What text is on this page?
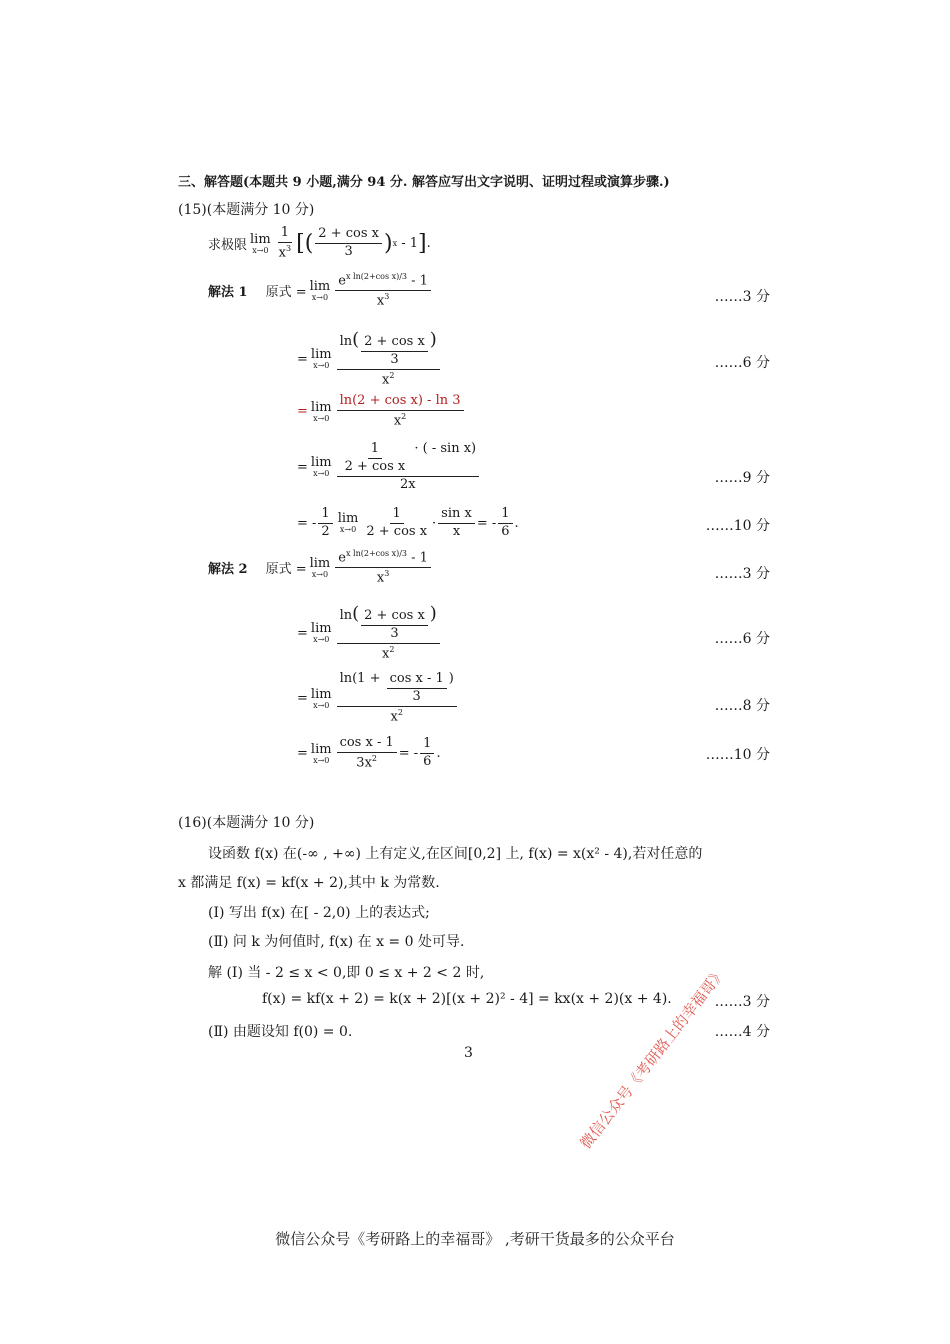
三、解答题(本题共 9 小题,满分 94 分. 解答应写出文字说明、证明过程或演算步骤.)
(15)(本题满分 10 分)
求极限 lim
$x\to 0 \frac{1}{x^3}$ [ ( $\frac{\text{2 + cos x}}{3}$ ) x - 1 ] .
解法 1 原式 = lim
$x\to 0 \frac{e^{x ln(2+cos x)/3} - 1}{x^3}$	……3 分
= lim
$x\to 0 \frac{\ln( \frac{\text{2 + cos x}}{3} )}{x^2}$	……6 分
= lim
$x\to 0 \frac{\text{ln(2 + cos x) - ln 3}}{x^2}$
= lim
$x\to 0 \frac{\frac{1}{\text{2 + cos x}} \cdot ( - \sin x)}{2x}$	……9 分
= - $\frac{1}{2}$ lim
$x\to 0 \frac{1}{\text{2 + cos x}} \cdot \frac{\text{sin x}}{x}$ = - $\frac{1}{6}$ .	……10 分
解法 2 原式 = lim
$x\to 0 \frac{e^{x ln(2+cos x)/3} - 1}{x^3}$	……3 分
= lim
$x\to 0 \frac{\ln( \frac{\text{2 + cos x}}{3} )}{x^2}$	……6 分
= lim
$x\to 0 \frac{\ln(1 + \frac{\text{cos x - 1}}{3} )}{x^2}$	……8 分
= lim
$x\to 0 \frac{\text{cos x - 1}}{3x^2}$ = - $\frac{1}{6}$ .	……10 分
(16)(本题满分 10 分)
设函数 f(x) 在(-∞ , +∞) 上有定义,在区间[0,2] 上, f(x) = x(x² - 4),若对任意的
x 都满足 f(x) = kf(x + 2),其中 k 为常数.
(Ⅰ) 写出 f(x) 在[ - 2,0) 上的表达式;
(Ⅱ) 问 k 为何值时, f(x) 在 x = 0 处可导.
解 (Ⅰ) 当 - 2 ≤ x < 0,即 0 ≤ x + 2 < 2 时,
f(x) = kf(x + 2) = k(x + 2)[(x + 2)² - 4] = kx(x + 2)(x + 4).	……3 分
(Ⅱ) 由题设知 f(0) = 0.	……4 分
3	微信公众号《考研路上的幸福哥》
微信公众号《考研路上的幸福哥》 ,考研干货最多的公众平台
